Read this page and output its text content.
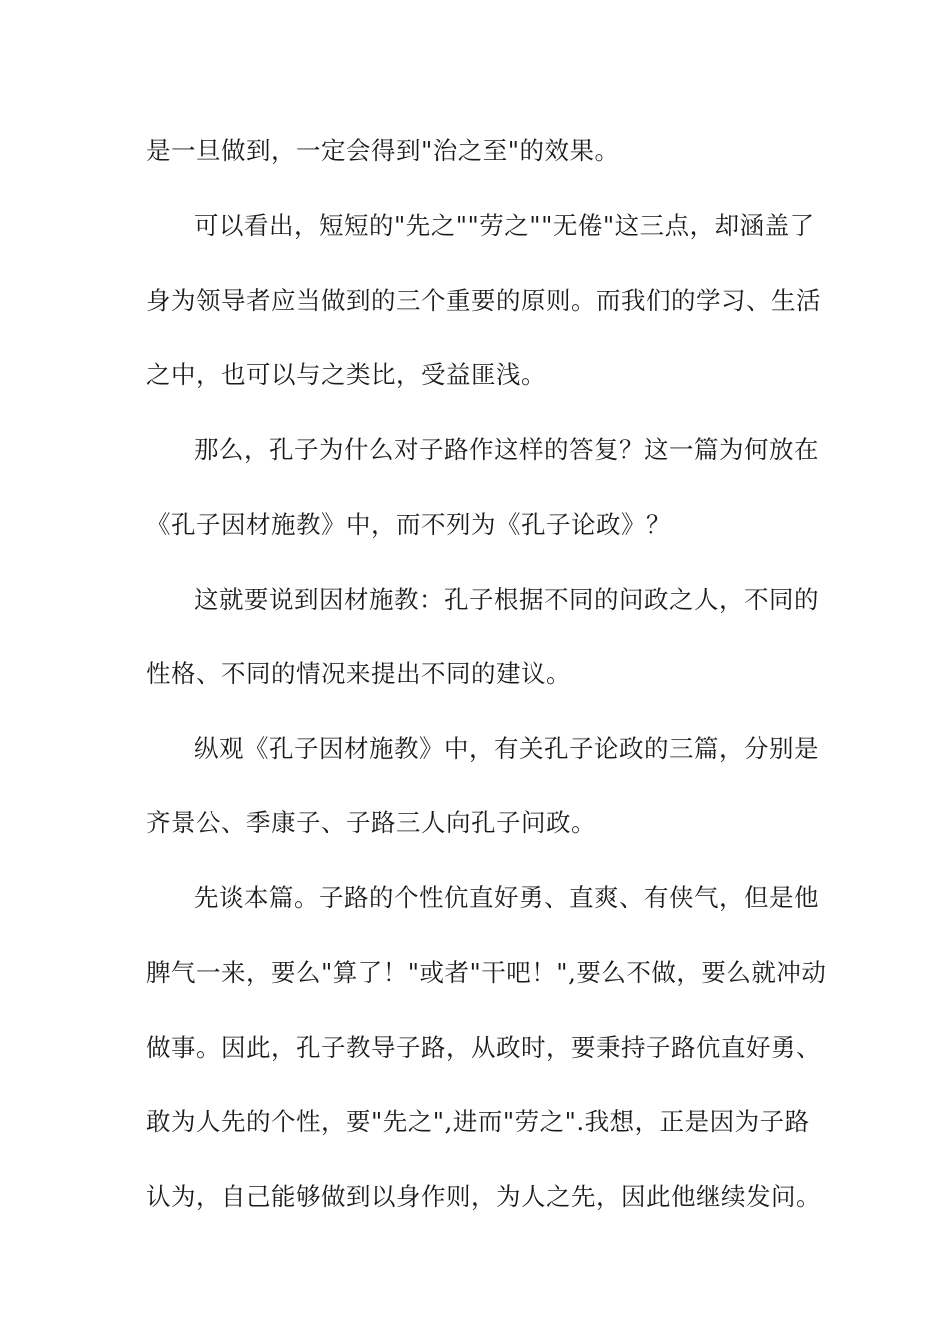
是一旦做到，一定会得到"治之至"的效果。
可以看出，短短的"先之""劳之""无倦"这三点，却涵盖了
身为领导者应当做到的三个重要的原则。而我们的学习、生活
之中，也可以与之类比，受益匪浅。
那么，孔子为什么对子路作这样的答复？这一篇为何放在
《孔子因材施教》中，而不列为《孔子论政》？
这就要说到因材施教：孔子根据不同的问政之人，不同的
性格、不同的情况来提出不同的建议。
纵观《孔子因材施教》中，有关孔子论政的三篇，分别是
齐景公、季康子、子路三人向孔子问政。
先谈本篇。子路的个性伉直好勇、直爽、有侠气，但是他
脾气一来，要么"算了！"或者"干吧！",要么不做，要么就冲动
做事。因此，孔子教导子路，从政时，要秉持子路伉直好勇、
敢为人先的个性，要"先之",进而"劳之".我想，正是因为子路
认为，自己能够做到以身作则，为人之先，因此他继续发问。
